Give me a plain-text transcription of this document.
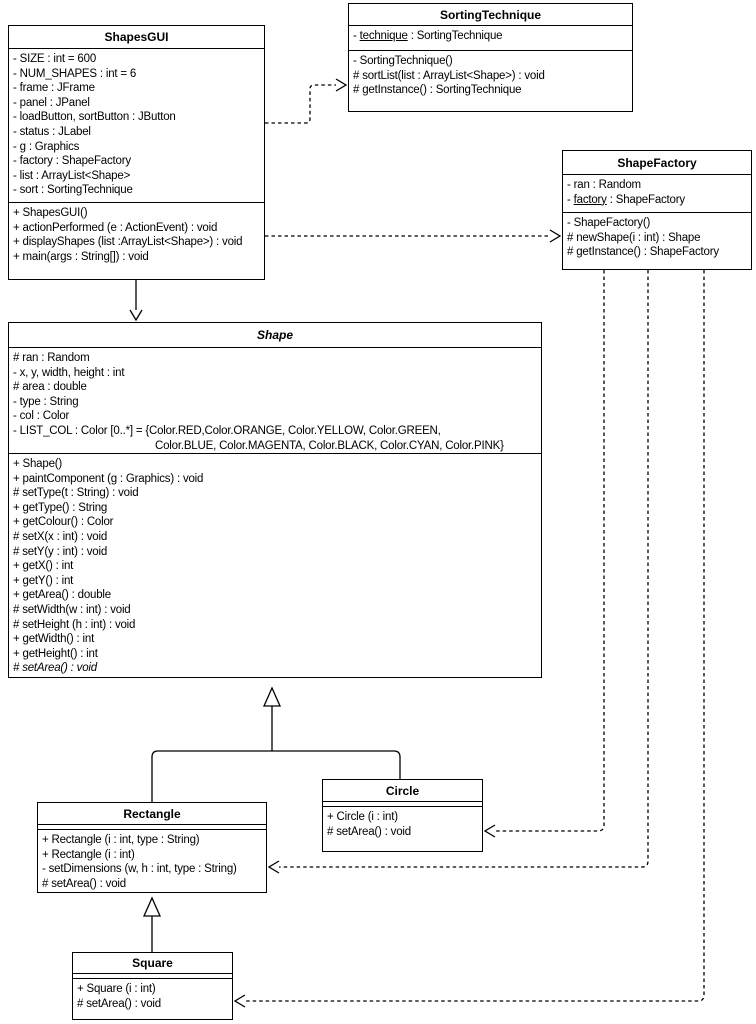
ShapesGUI
- SIZE : int = 600
- NUM_SHAPES : int = 6
- frame : JFrame
- panel : JPanel
- loadButton, sortButton : JButton
- status : JLabel
- g : Graphics
- factory : ShapeFactory
- list : ArrayList<Shape>
- sort : SortingTechnique
+ ShapesGUI()
+ actionPerformed (e : ActionEvent) : void
+ displayShapes (list :ArrayList<Shape>) : void
+ main(args : String[]) : void
SortingTechnique
- technique : SortingTechnique
- SortingTechnique()
# sortList(list : ArrayList<Shape>) : void
# getInstance() : SortingTechnique
ShapeFactory
- ran : Random
- factory : ShapeFactory
- ShapeFactory()
# newShape(i : int) : Shape
# getInstance() : ShapeFactory
Shape
# ran : Random
- x, y, width, height : int
# area : double
- type : String
- col : Color
- LIST_COL : Color [0..*] = {Color.RED,Color.ORANGE, Color.YELLOW, Color.GREEN,
Color.BLUE, Color.MAGENTA, Color.BLACK, Color.CYAN, Color.PINK}
+ Shape()
+ paintComponent (g : Graphics) : void
# setType(t : String) : void
+ getType() : String
+ getColour() : Color
# setX(x : int) : void
# setY(y : int) : void
+ getX() : int
+ getY() : int
+ getArea() : double
# setWidth(w : int) : void
# setHeight (h : int) : void
+ getWidth() : int
+ getHeight() : int
# setArea() : void
Rectangle
+ Rectangle (i : int, type : String)
+ Rectangle (i : int)
- setDimensions (w, h : int, type : String)
# setArea() : void
Circle
+ Circle (i : int)
# setArea() : void
Square
+ Square (i : int)
# setArea() : void
